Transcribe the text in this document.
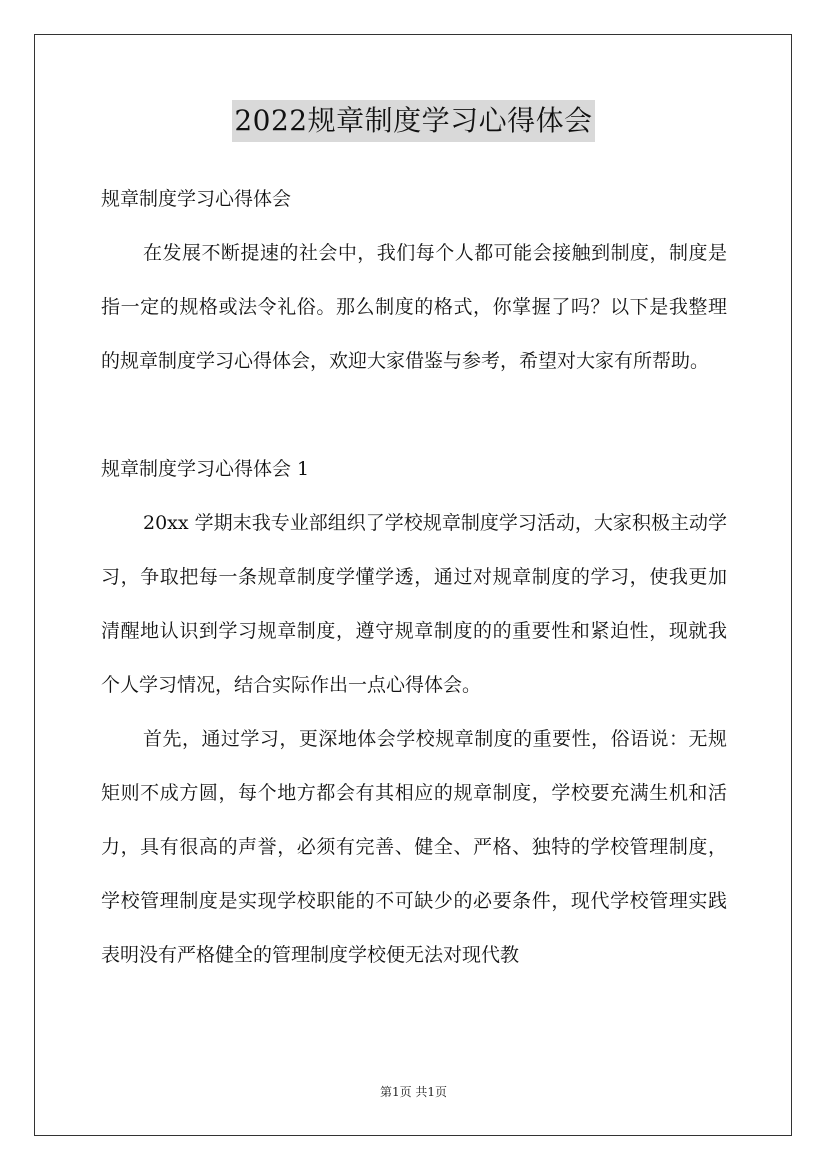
2022规章制度学习心得体会

规章制度学习心得体会

在发展不断提速的社会中，我们每个人都可能会接触到制度，制度是指一定的规格或法令礼俗。那么制度的格式，你掌握了吗？以下是我整理的规章制度学习心得体会，欢迎大家借鉴与参考，希望对大家有所帮助。

规章制度学习心得体会 1

20xx 学期末我专业部组织了学校规章制度学习活动，大家积极主动学习，争取把每一条规章制度学懂学透，通过对规章制度的学习，使我更加清醒地认识到学习规章制度，遵守规章制度的的重要性和紧迫性，现就我个人学习情况，结合实际作出一点心得体会。

首先，通过学习，更深地体会学校规章制度的重要性，俗语说：无规矩则不成方圆，每个地方都会有其相应的规章制度，学校要充满生机和活力，具有很高的声誉，必须有完善、健全、严格、独特的学校管理制度，学校管理制度是实现学校职能的不可缺少的必要条件，现代学校管理实践表明没有严格健全的管理制度学校便无法对现代教

第1页 共1页
